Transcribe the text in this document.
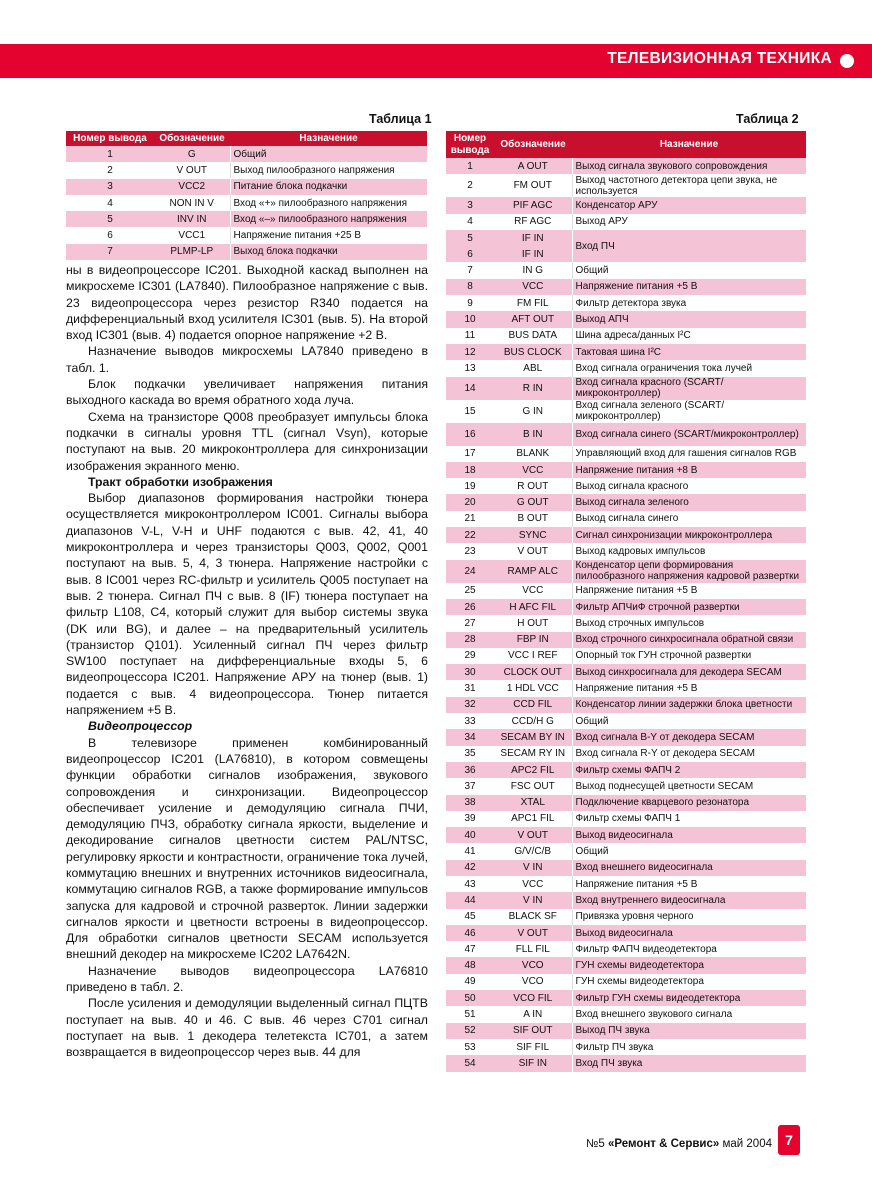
ТЕЛЕВИЗИОННАЯ ТЕХНИКА
Таблица 1
Номер вывода	Обозначение	Назначение
1	G	Общий
2	V OUT	Выход пилообразного напряжения
3	VCC2	Питание блока подкачки
4	NON IN V	Вход «+» пилообразного напряжения
5	INV IN	Вход «–» пилообразного напряжения
6	VCC1	Напряжение питания +25 В
7	PLMP-LP	Выход блока подкачки
Таблица 2
Номер вывода	Обозначение	Назначение
1	A OUT	Выход сигнала звукового сопровождения
2	FM OUT	Выход частотного детектора цепи звука, не используется
3	PIF AGC	Конденсатор АРУ
4	RF AGC	Выход АРУ
5	IF IN	Вход ПЧ
6	IF IN	
7	IN G	Общий
8	VCC	Напряжение питания +5 В
9	FM FIL	Фильтр детектора звука
10	AFT OUT	Выход АПЧ
11	BUS DATA	Шина адреса/данных I²C
12	BUS CLOCK	Тактовая шина I²C
13	ABL	Вход сигнала ограничения тока лучей
14	R IN	Вход сигнала красного (SCART/микроконтроллер)
15	G IN	Вход сигнала зеленого (SCART/микроконтроллер)
16	B IN	Вход сигнала синего (SCART/микроконтроллер)
17	BLANK	Управляющий вход для гашения сигналов RGB
18	VCC	Напряжение питания +8 В
19	R OUT	Выход сигнала красного
20	G OUT	Выход сигнала зеленого
21	B OUT	Выход сигнала синего
22	SYNC	Сигнал синхронизации микроконтроллера
23	V OUT	Выход кадровых импульсов
24	RAMP ALC	Конденсатор цепи формирования пилообразного напряжения кадровой развертки
25	VCC	Напряжение питания +5 В
26	H AFC FIL	Фильтр АПЧиФ строчной развертки
27	H OUT	Выход строчных импульсов
28	FBP IN	Вход строчного синхросигнала обратной связи
29	VCC I REF	Опорный ток ГУН строчной развертки
30	CLOCK OUT	Выход синхросигнала для декодера SECAM
31	1 HDL VCC	Напряжение питания +5 В
32	CCD FIL	Конденсатор линии задержки блока цветности
33	CCD/H G	Общий
34	SECAM BY IN	Вход сигнала B-Y от декодера SECAM
35	SECAM RY IN	Вход сигнала R-Y от декодера SECAM
36	APC2 FIL	Фильтр схемы ФАПЧ 2
37	FSC OUT	Выход поднесущей цветности SECAM
38	XTAL	Подключение кварцевого резонатора
39	APC1 FIL	Фильтр схемы ФАПЧ 1
40	V OUT	Выход видеосигнала
41	G/V/C/B	Общий
42	V IN	Вход внешнего видеосигнала
43	VCC	Напряжение питания +5 В
44	V IN	Вход внутреннего видеосигнала
45	BLACK SF	Привязка уровня черного
46	V OUT	Выход видеосигнала
47	FLL FIL	Фильтр ФАПЧ видеодетектора
48	VCO	ГУН схемы видеодетектора
49	VCO	ГУН схемы видеодетектора
50	VCO FIL	Фильтр ГУН схемы видеодетектора
51	A IN	Вход внешнего звукового сигнала
52	SIF OUT	Выход ПЧ звука
53	SIF FIL	Фильтр ПЧ звука
54	SIF IN	Вход ПЧ звука

ны в видеопроцессоре IC201. Выходной каскад выполнен на микросхеме IC301 (LA7840). Пилообразное напряжение с выв. 23 видеопроцессора через резистор R340 подается на дифференциальный вход усилителя IC301 (выв. 5). На второй вход IC301 (выв. 4) подается опорное напряжение +2 В.

Назначение выводов микросхемы LA7840 приведено в табл. 1.

Блок подкачки увеличивает напряжения питания выходного каскада во время обратного хода луча.

Схема на транзисторе Q008 преобразует импульсы блока подкачки в сигналы уровня TTL (сигнал Vsyn), которые поступают на выв. 20 микроконтроллера для синхронизации изображения экранного меню.

Тракт обработки изображения

Выбор диапазонов формирования настройки тюнера осуществляется микроконтроллером IC001. Сигналы выбора диапазонов V-L, V-H и UHF подаются с выв. 42, 41, 40 микроконтроллера и через транзисторы Q003, Q002, Q001 поступают на выв. 5, 4, 3 тюнера. Напряжение настройки с выв. 8 IC001 через RC-фильтр и усилитель Q005 поступает на выв. 2 тюнера. Сигнал ПЧ с выв. 8 (IF) тюнера поступает на фильтр L108, C4, который служит для выбор системы звука (DK или BG), и далее – на предварительный усилитель (транзистор Q101). Усиленный сигнал ПЧ через фильтр SW100 поступает на дифференциальные входы 5, 6 видеопроцессора IC201. Напряжение АРУ на тюнер (выв. 1) подается с выв. 4 видеопроцессора. Тюнер питается напряжением +5 В.

Видеопроцессор

В телевизоре применен комбинированный видеопроцессор IC201 (LA76810), в котором совмещены функции обработки сигналов изображения, звукового сопровождения и синхронизации. Видеопроцессор обеспечивает усиление и демодуляцию сигнала ПЧИ, демодуляцию ПЧЗ, обработку сигнала яркости, выделение и декодирование сигналов цветности систем PAL/NTSC, регулировку яркости и контрастности, ограничение тока лучей, коммутацию внешних и внутренних источников видеосигнала, коммутацию сигналов RGB, а также формирование импульсов запуска для кадровой и строчной разверток. Линии задержки сигналов яркости и цветности встроены в видеопроцессор. Для обработки сигналов цветности SECAM используется внешний декодер на микросхеме IC202 LA7642N.

Назначение выводов видеопроцессора LA76810 приведено в табл. 2.

После усиления и демодуляции выделенный сигнал ПЦТВ поступает на выв. 40 и 46. С выв. 46 через C701 сигнал поступает на выв. 1 декодера телетекста IC701, а затем возвращается в видеопроцессор через выв. 44 для

№5 «Ремонт & Сервис» май 2004 7
